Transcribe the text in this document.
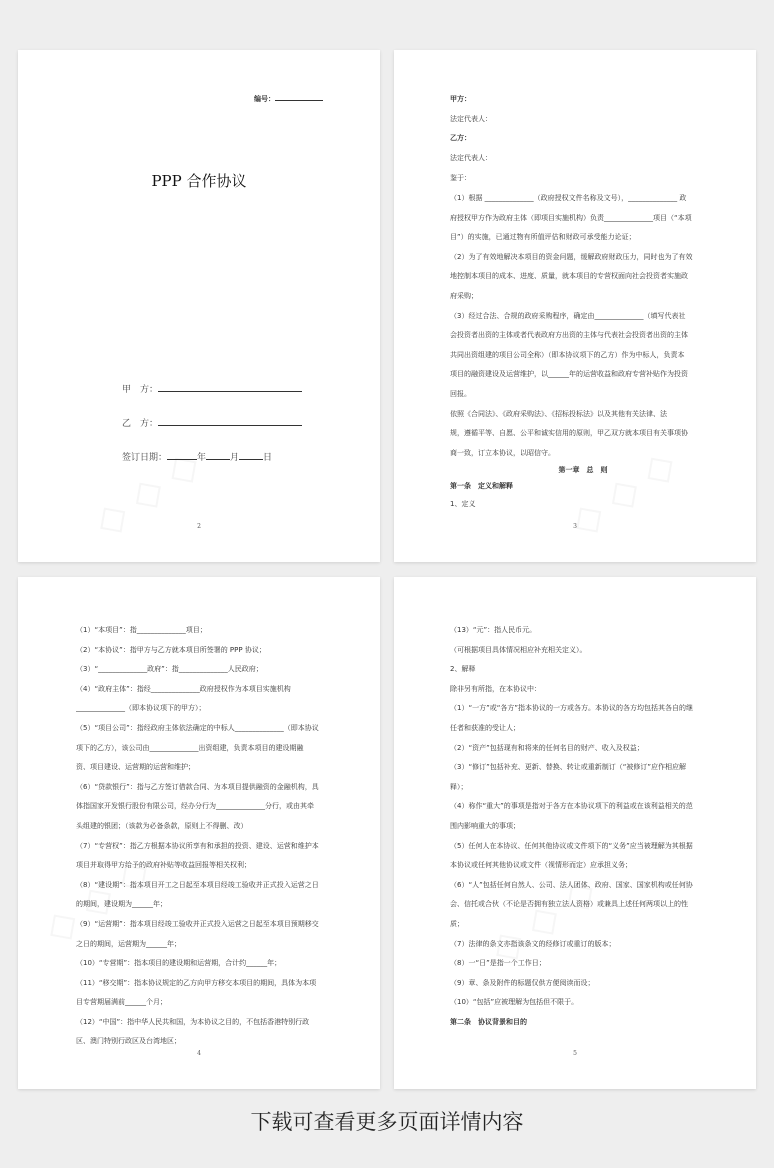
编号：
PPP 合作协议
甲　方：
乙　方：
签订日期：	年	月	日
2
甲方：
法定代表人：
乙方：
法定代表人：
鉴于：
（1）根据 ______________（政府授权文件名称及文号），______________ 政
府授权甲方作为政府主体（即项目实施机构）负责______________项目（“本项
目”）的实施，已通过物有所值评估和财政可承受能力论证；
（2）为了有效地解决本项目的资金问题，缓解政府财政压力，同时也为了有效
地控制本项目的成本、进度、质量，就本项目的专营权面向社会投资者实施政
府采购；
（3）经过合法、合规的政府采购程序，确定由______________（填写代表社
会投资者出资的主体或者代表政府方出资的主体与代表社会投资者出资的主体
共同出资组建的项目公司全称）（即本协议项下的乙方）作为中标人，负责本
项目的融资建设及运营维护，以______年的运营收益和政府专营补贴作为投资
回报。
依照《合同法》、《政府采购法》、《招标投标法》以及其他有关法律、法
规，遵循平等、自愿、公平和诚实信用的原则，甲乙双方就本项目有关事项协
商一致，订立本协议，以昭信守。
第一章　总　则
第一条　定义和解释
1、定义
3
（1）“本项目”：指______________项目；
（2）“本协议”：指甲方与乙方就本项目所签署的 PPP 协议；
（3）“______________政府”：指______________人民政府；
（4）“政府主体”：指经______________政府授权作为本项目实施机构
______________（即本协议项下的甲方）；
（5）“项目公司”：指经政府主体依法确定的中标人______________（即本协议
项下的乙方），该公司由______________出资组建，负责本项目的建设期融
资、项目建设、运营期的运营和维护；
（6）“贷款银行”：指与乙方签订借款合同、为本项目提供融资的金融机构，具
体指国家开发银行股份有限公司，经办分行为______________分行，或由其牵
头组建的银团；（该款为必备条款，原则上不得删、改）
（7）“专营权”：指乙方根据本协议所享有和承担的投资、建设、运营和维护本
项目并取得甲方给予的政府补贴等收益回报等相关权利；
（8）“建设期”：指本项目开工之日起至本项目经竣工验收并正式投入运营之日
的期间，建设期为______年；
（9）“运营期”：指本项目经竣工验收并正式投入运营之日起至本项目预期移交
之日的期间，运营期为______年；
（10）“专营期”：指本项目的建设期和运营期，合计约______年；
（11）“移交期”：指本协议规定的乙方向甲方移交本项目的期间，具体为本项
目专营期届满前______个月；
（12）“中国”：指中华人民共和国，为本协议之目的，不包括香港特别行政
区、澳门特别行政区及台湾地区；
4
（13）“元”：指人民币元。
（可根据项目具体情况相应补充相关定义）。
2、解释
除非另有所指，在本协议中：
（1）“一方”或“各方”指本协议的一方或各方。本协议的各方均包括其各自的继
任者和获准的受让人；
（2）“资产”包括现有和将来的任何名目的财产、收入及权益；
（3）“修订”包括补充、更新、替换、转让或重新制订（“被修订”应作相应解
释）；
（4）称作“重大”的事项是指对于各方在本协议项下的利益或在该利益相关的范
围内影响重大的事项；
（5）任何人在本协议、任何其他协议或文件项下的“义务”应当被理解为其根据
本协议或任何其他协议或文件（视情形而定）应承担义务；
（6）“人”包括任何自然人、公司、法人团体、政府、国家、国家机构或任何协
会、信托或合伙（不论是否拥有独立法人资格）或兼具上述任何两项以上的性
质；
（7）法律的条文亦指该条文的经修订或重订的版本；
（8）一“日”是指一个工作日；
（9）章、条及附件的标题仅供方便阅读而设；
（10）“包括”应被理解为包括但不限于。
第二条　协议背景和目的
5
下载可查看更多页面详情内容
